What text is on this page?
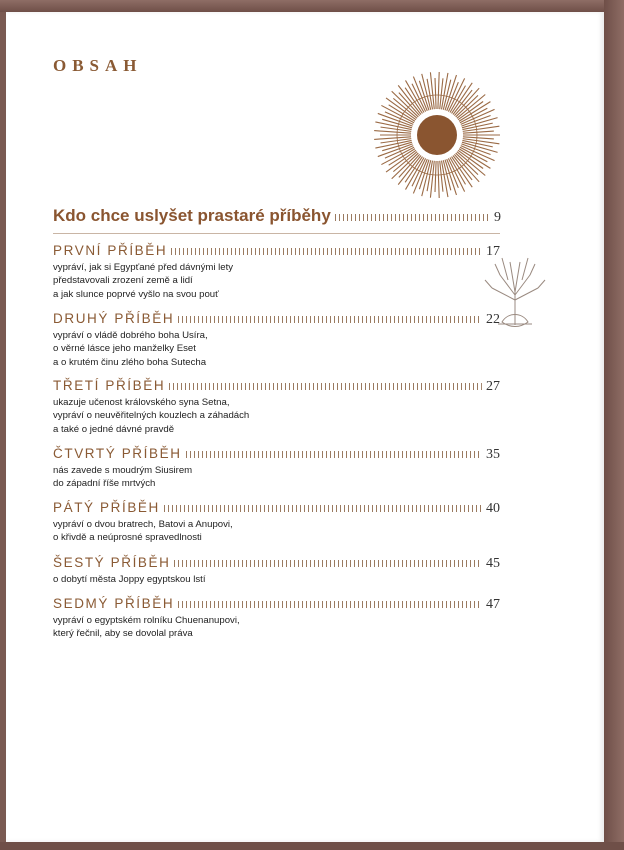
OBSAH
Kdo chce uslyšet prastaré příběhy	9
PRVNÍ PŘÍBĚH	17
vypráví, jak si Egypťané před dávnými lety
představovali zrození země a lidí
a jak slunce poprvé vyšlo na svou pouť
DRUHÝ PŘÍBĚH	22
vypráví o vládě dobrého boha Usíra,
o věrné lásce jeho manželky Eset
a o krutém činu zlého boha Sutecha
TŘETÍ PŘÍBĚH	27
ukazuje učenost královského syna Setna,
vypráví o neuvěřitelných kouzlech a záhadách
a také o jedné dávné pravdě
ČTVRTÝ PŘÍBĚH	35
nás zavede s moudrým Siusirem
do západní říše mrtvých
PÁTÝ PŘÍBĚH	40
vypráví o dvou bratrech, Batovi a Anupovi,
o křivdě a neúprosné spravedlnosti
ŠESTÝ PŘÍBĚH	45
o dobytí města Joppy egyptskou lstí
SEDMÝ PŘÍBĚH	47
vypráví o egyptském rolníku Chuenanupovi,
který řečnil, aby se dovolal práva
